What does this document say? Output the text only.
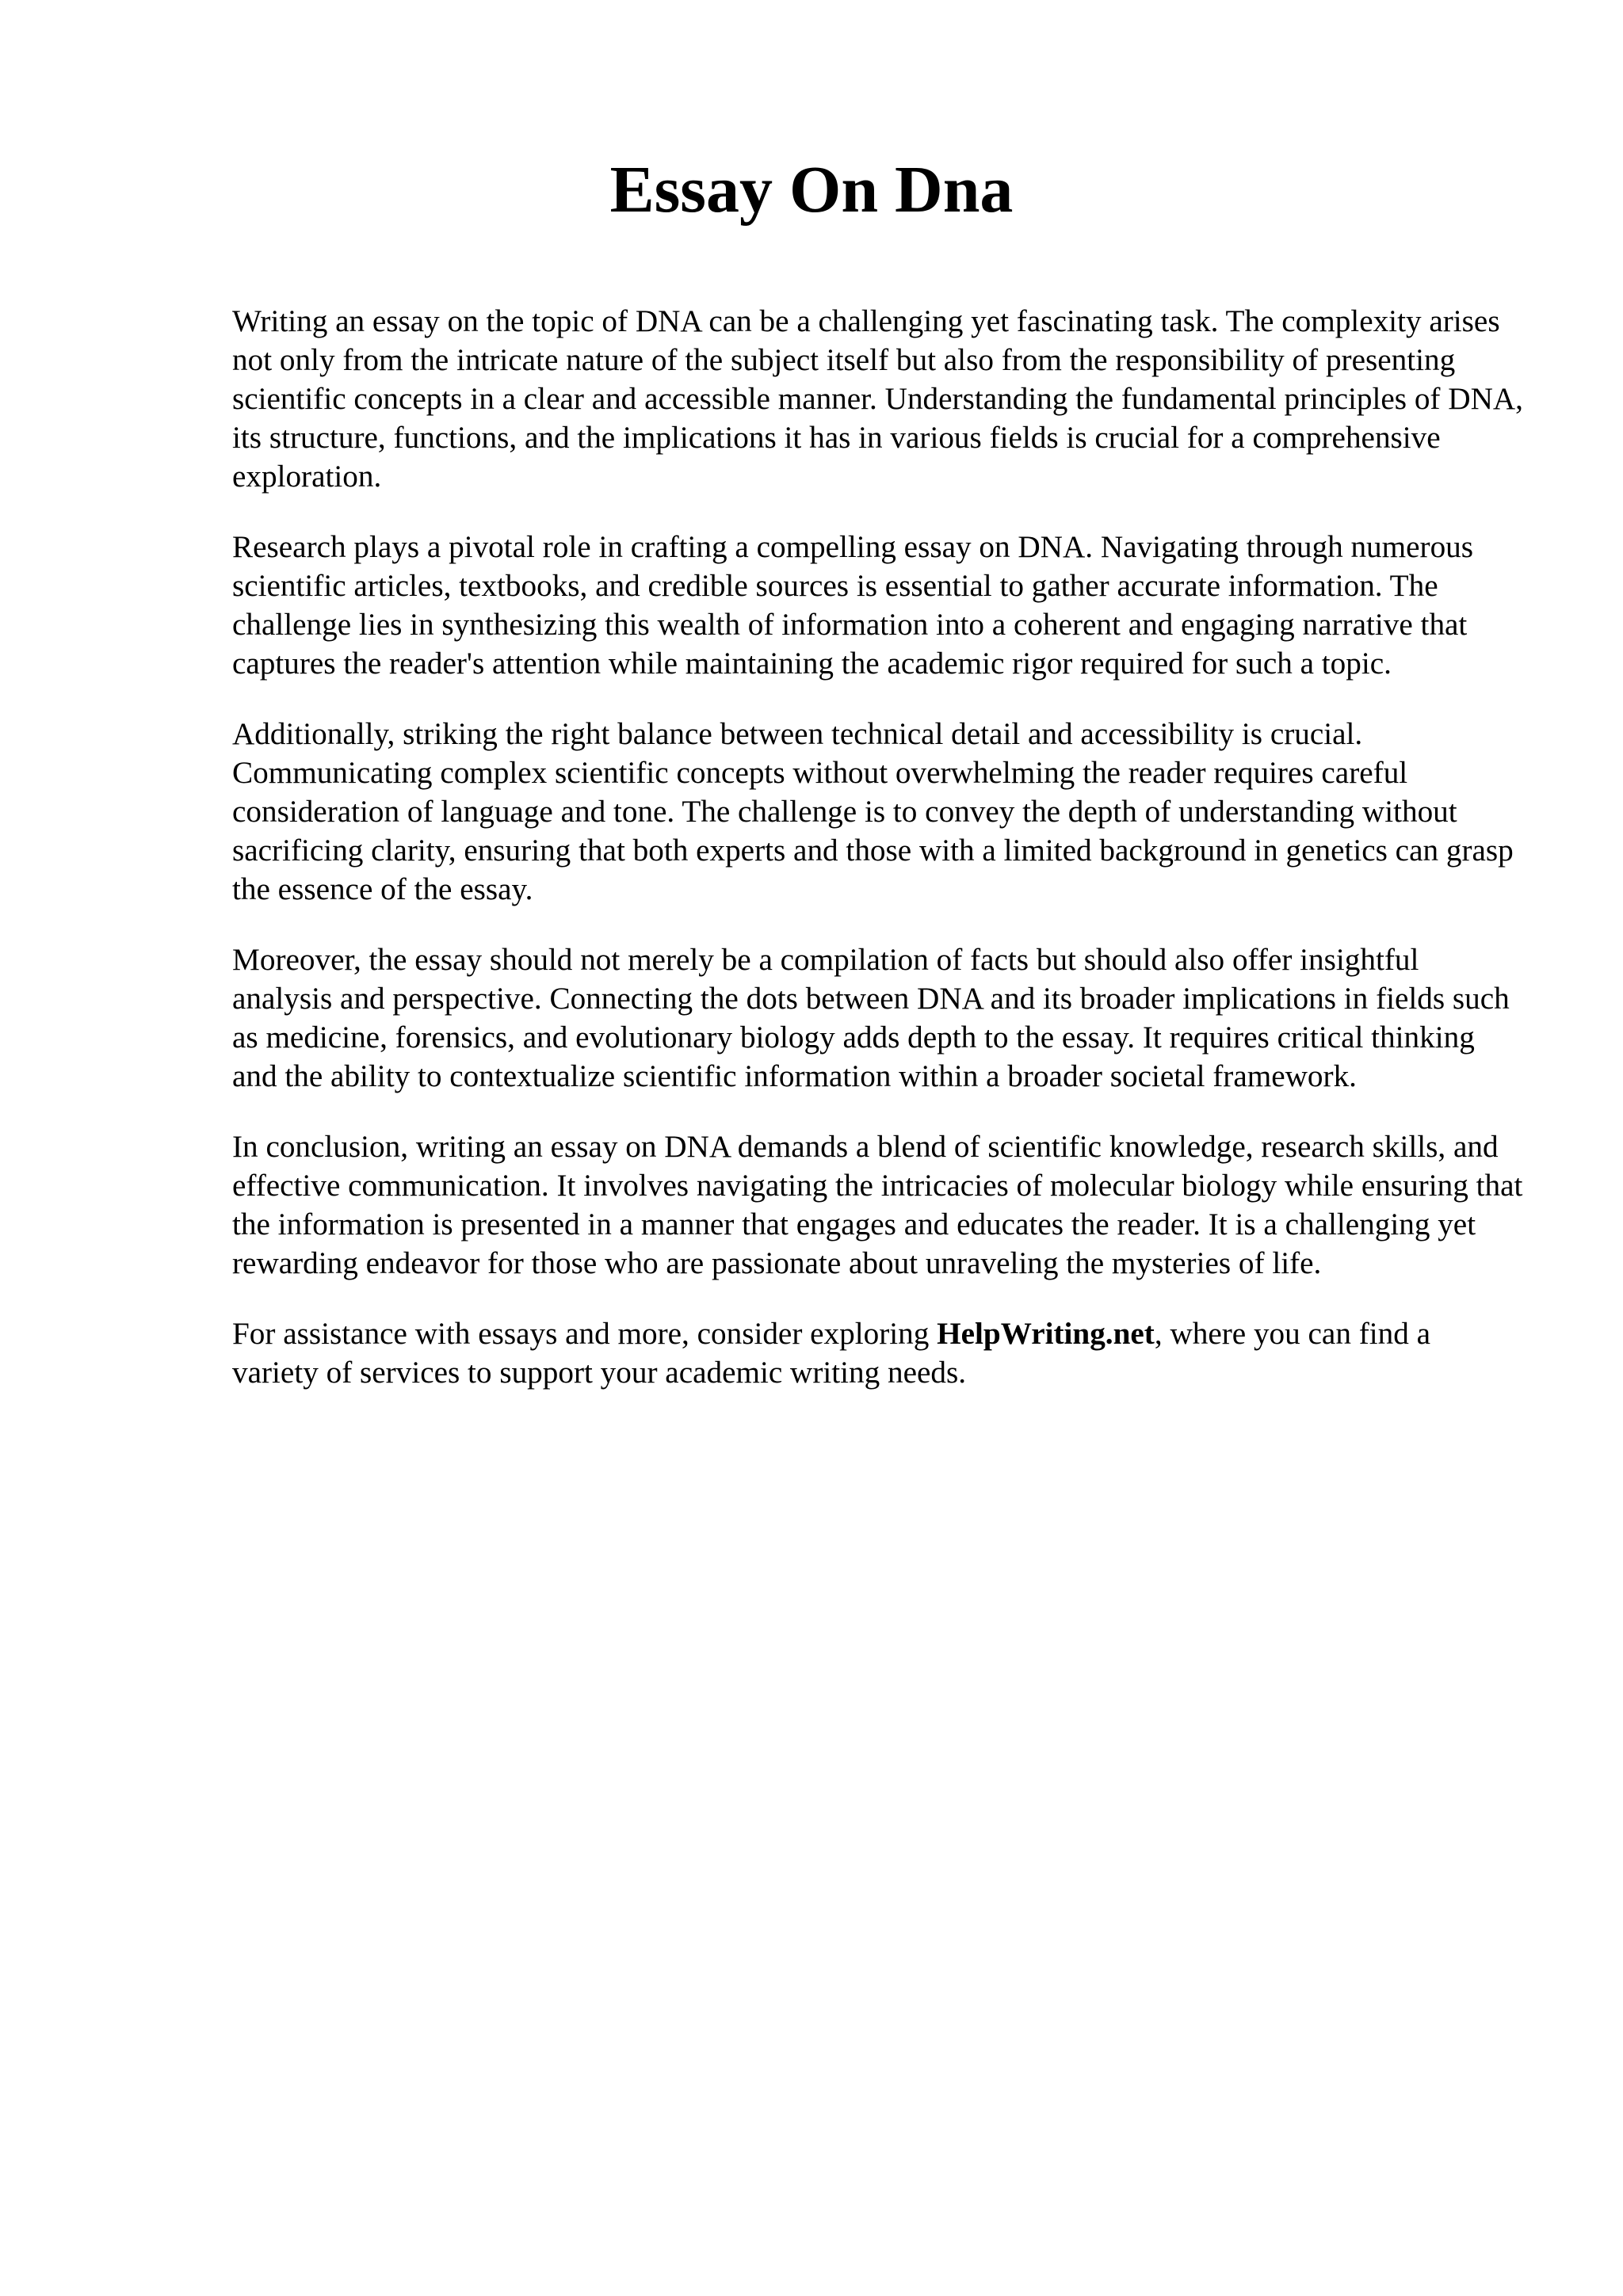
Essay On Dna

Writing an essay on the topic of DNA can be a challenging yet fascinating task. The complexity arises not only from the intricate nature of the subject itself but also from the responsibility of presenting scientific concepts in a clear and accessible manner. Understanding the fundamental principles of DNA, its structure, functions, and the implications it has in various fields is crucial for a comprehensive exploration.

Research plays a pivotal role in crafting a compelling essay on DNA. Navigating through numerous scientific articles, textbooks, and credible sources is essential to gather accurate information. The challenge lies in synthesizing this wealth of information into a coherent and engaging narrative that captures the reader's attention while maintaining the academic rigor required for such a topic.

Additionally, striking the right balance between technical detail and accessibility is crucial. Communicating complex scientific concepts without overwhelming the reader requires careful consideration of language and tone. The challenge is to convey the depth of understanding without sacrificing clarity, ensuring that both experts and those with a limited background in genetics can grasp the essence of the essay.

Moreover, the essay should not merely be a compilation of facts but should also offer insightful analysis and perspective. Connecting the dots between DNA and its broader implications in fields such as medicine, forensics, and evolutionary biology adds depth to the essay. It requires critical thinking and the ability to contextualize scientific information within a broader societal framework.

In conclusion, writing an essay on DNA demands a blend of scientific knowledge, research skills, and effective communication. It involves navigating the intricacies of molecular biology while ensuring that the information is presented in a manner that engages and educates the reader. It is a challenging yet rewarding endeavor for those who are passionate about unraveling the mysteries of life.

For assistance with essays and more, consider exploring HelpWriting.net, where you can find a variety of services to support your academic writing needs.
